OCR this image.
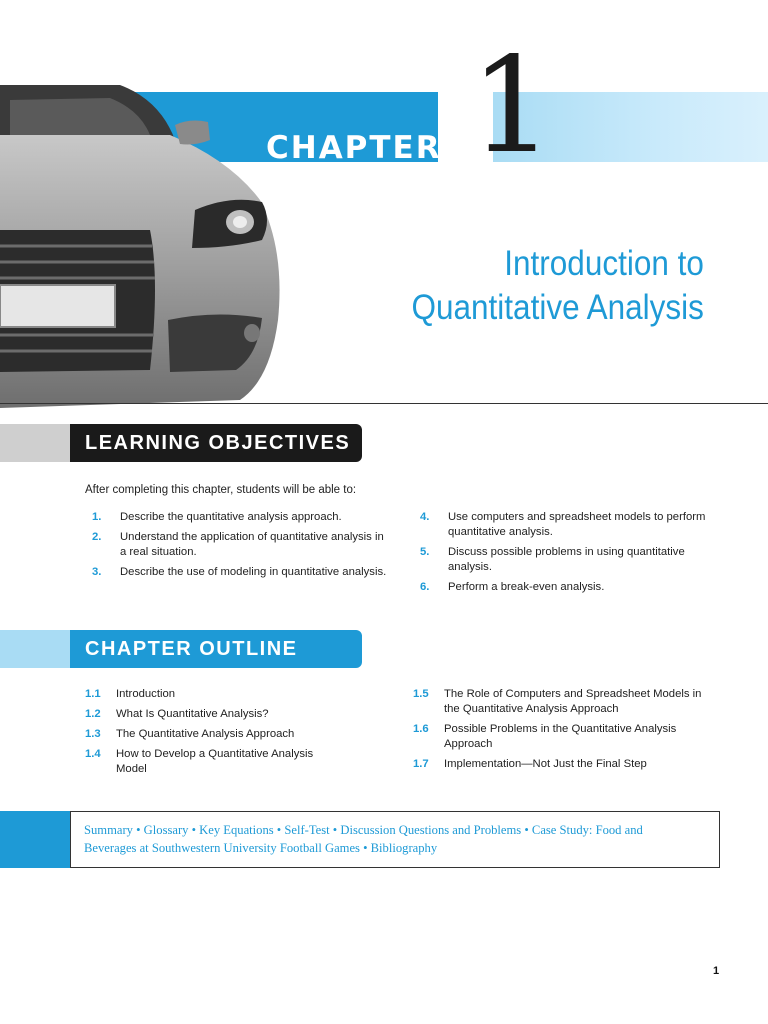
CHAPTER 1
Introduction to
Quantitative Analysis
LEARNING OBJECTIVES
After completing this chapter, students will be able to:
1. Describe the quantitative analysis approach.
2. Understand the application of quantitative analysis in a real situation.
3. Describe the use of modeling in quantitative analysis.
4. Use computers and spreadsheet models to perform quantitative analysis.
5. Discuss possible problems in using quantitative analysis.
6. Perform a break-even analysis.
CHAPTER OUTLINE
1.1 Introduction
1.2 What Is Quantitative Analysis?
1.3 The Quantitative Analysis Approach
1.4 How to Develop a Quantitative Analysis Model
1.5 The Role of Computers and Spreadsheet Models in the Quantitative Analysis Approach
1.6 Possible Problems in the Quantitative Analysis Approach
1.7 Implementation—Not Just the Final Step
Summary • Glossary • Key Equations • Self-Test • Discussion Questions and Problems • Case Study: Food and Beverages at Southwestern University Football Games • Bibliography
1
